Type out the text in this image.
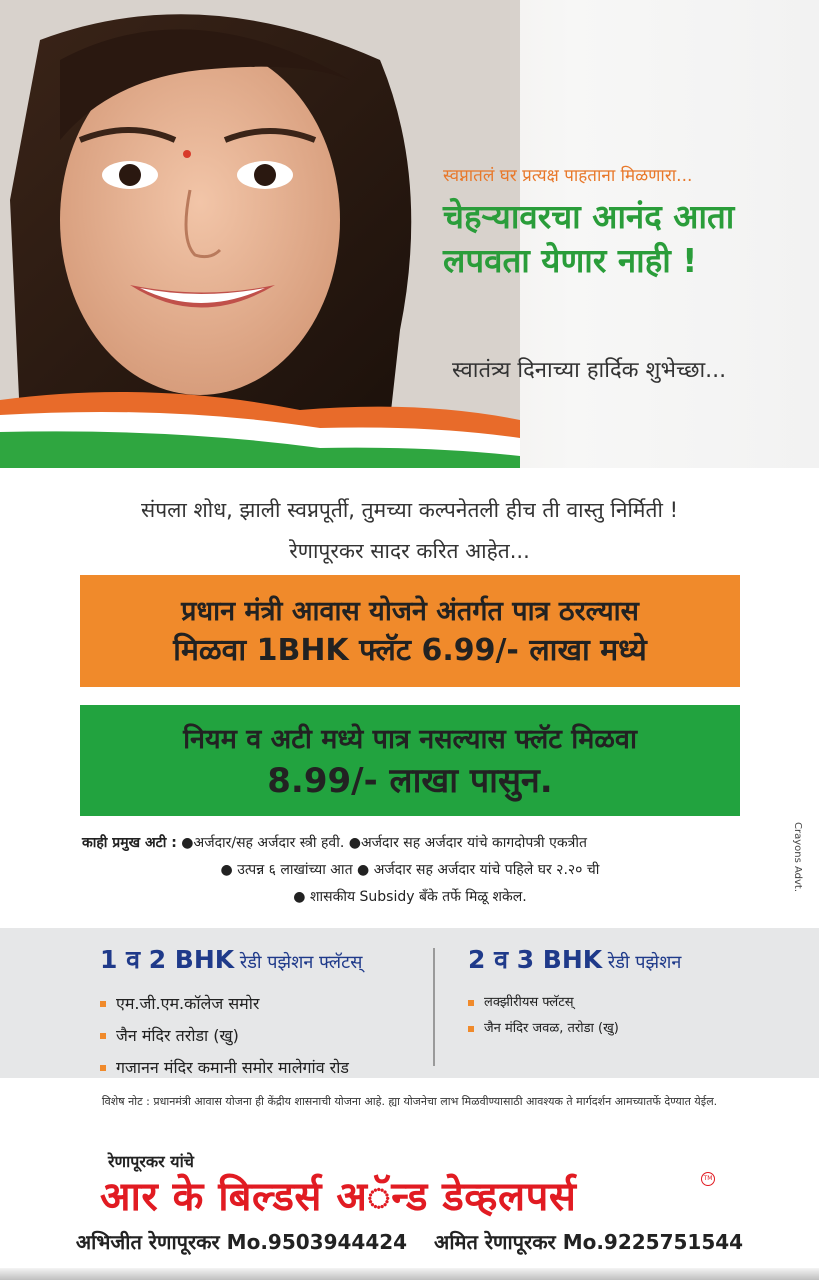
स्वप्नातलं घर प्रत्यक्ष पाहताना मिळणारा...
चेहऱ्यावरचा आनंद आता लपवता येणार नाही !
स्वातंत्र्य दिनाच्या हार्दिक शुभेच्छा...
संपला शोध, झाली स्वप्नपूर्ती, तुमच्या कल्पनेतली हीच ती वास्तु निर्मिती !
रेणापूरकर सादर करित आहेत...
प्रधान मंत्री आवास योजने अंतर्गत पात्र ठरल्यास
मिळवा 1BHK फ्लॅट 6.99/- लाखा मध्ये
नियम व अटी मध्ये पात्र नसल्यास फ्लॅट मिळवा
8.99/- लाखा पासुन.
काही प्रमुख अटी : ●अर्जदार/सह अर्जदार स्त्री हवी. ●अर्जदार सह अर्जदार यांचे कागदोपत्री एकत्रीत
● उत्पन्न ६ लाखांच्या आत ● अर्जदार सह अर्जदार यांचे पहिले घर २.२० ची
● शासकीय Subsidy बँके तर्फे मिळू शकेल.
Crayons Advt.
1 व 2 BHK रेडी पझेशन फ्लॅटस्
एम.जी.एम.कॉलेज समोर
जैन मंदिर तरोडा (खु)
गजानन मंदिर कमानी समोर मालेगांव रोड
2 व 3 BHK रेडी पझेशन
लक्झीरीयस फ्लॅटस्
जैन मंदिर जवळ, तरोडा (खु)
विशेष नोट : प्रधानमंत्री आवास योजना ही केंद्रीय शासनाची योजना आहे. ह्या योजनेचा लाभ मिळवीण्यासाठी आवश्यक ते मार्गदर्शन आमच्यातर्फे देण्यात येईल.
रेणापूरकर यांचे
आर के बिल्डर्स अॅन्ड डेव्हलपर्स	TM
अभिजीत रेणापूरकर Mo.9503944424 अमित रेणापूरकर Mo.9225751544
